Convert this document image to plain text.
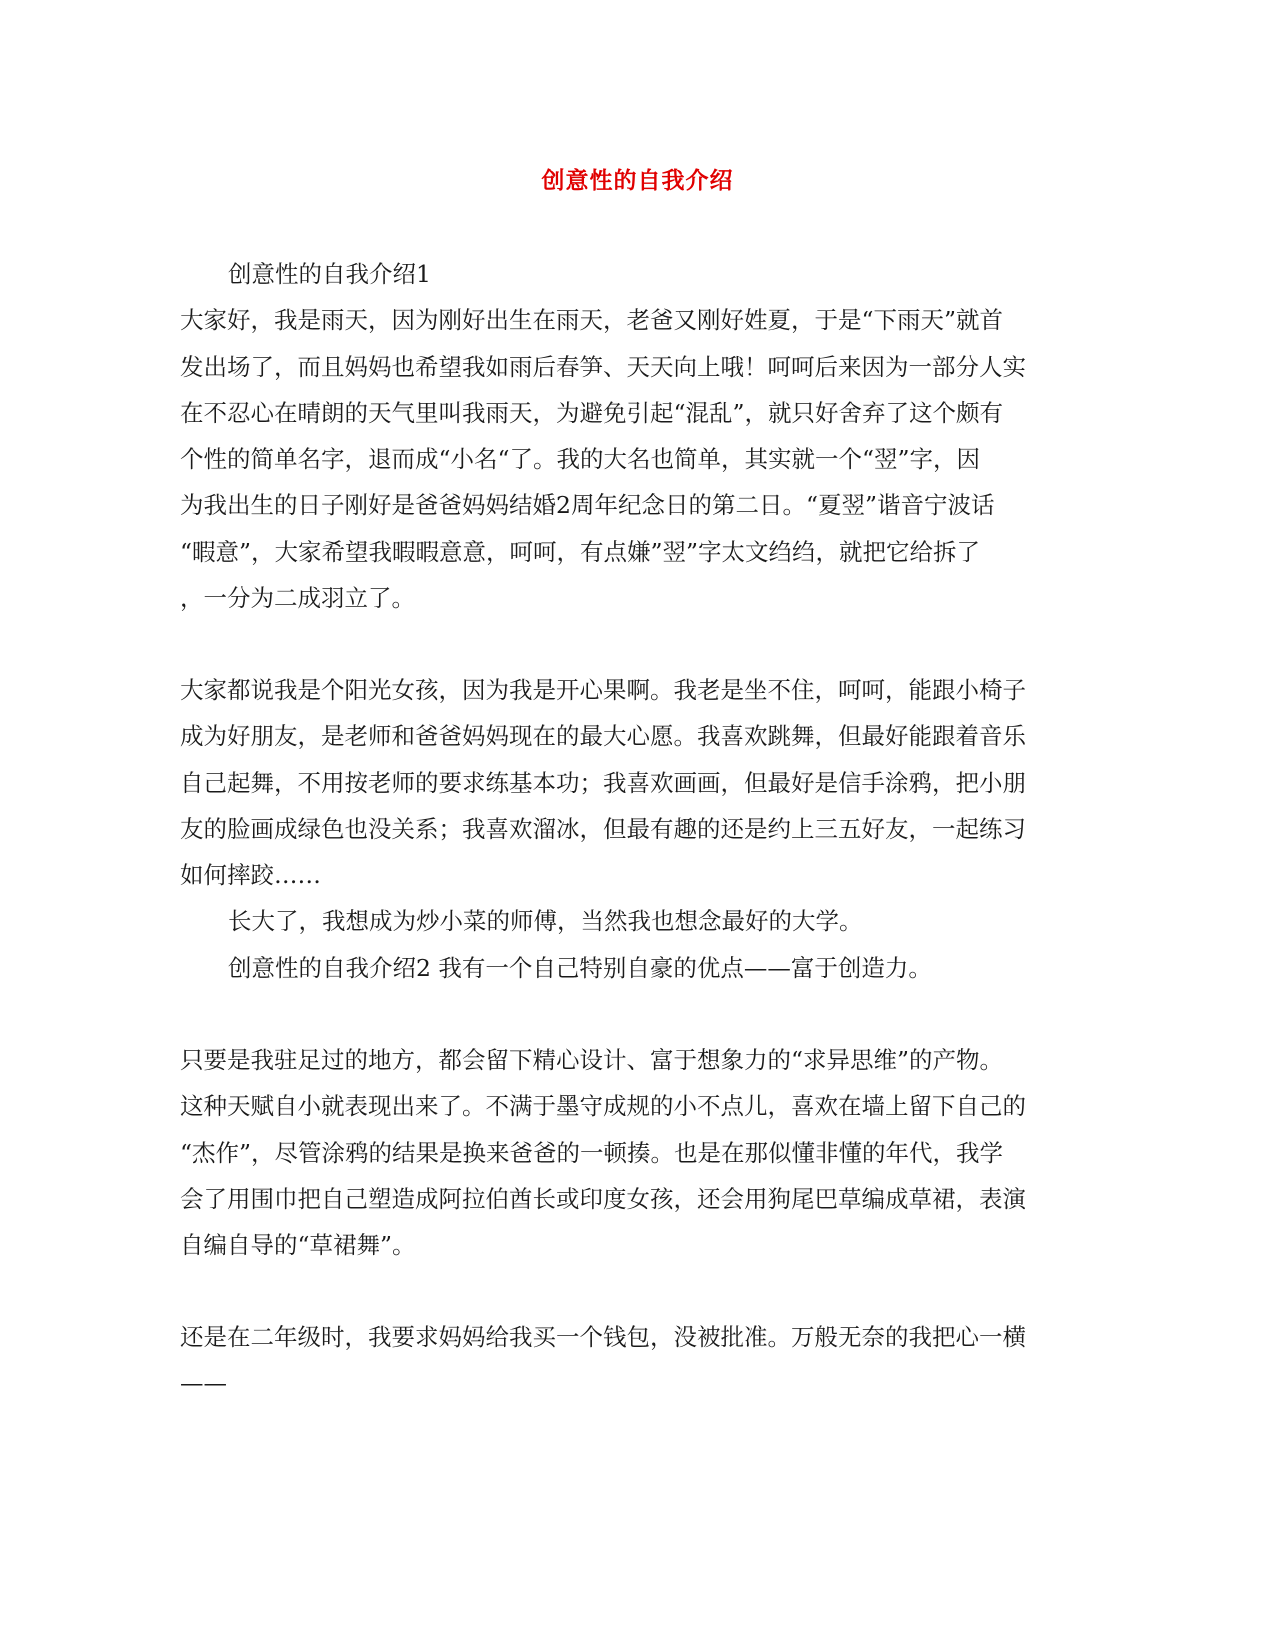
创意性的自我介绍
创意性的自我介绍1
大家好，我是雨天，因为刚好出生在雨天，老爸又刚好姓夏，于是“下雨天”就首
发出场了，而且妈妈也希望我如雨后春笋、天天向上哦！呵呵后来因为一部分人实
在不忍心在晴朗的天气里叫我雨天，为避免引起“混乱”，就只好舍弃了这个颇有
个性的简单名字，退而成“小名“了。我的大名也简单，其实就一个“翌”字，因
为我出生的日子刚好是爸爸妈妈结婚2周年纪念日的第二日。“夏翌”谐音宁波话
“暇意”，大家希望我暇暇意意，呵呵，有点嫌”翌”字太文绉绉，就把它给拆了
，一分为二成羽立了。
大家都说我是个阳光女孩，因为我是开心果啊。我老是坐不住，呵呵，能跟小椅子
成为好朋友，是老师和爸爸妈妈现在的最大心愿。我喜欢跳舞，但最好能跟着音乐
自己起舞，不用按老师的要求练基本功；我喜欢画画，但最好是信手涂鸦，把小朋
友的脸画成绿色也没关系；我喜欢溜冰，但最有趣的还是约上三五好友，一起练习
如何摔跤……
长大了，我想成为炒小菜的师傅，当然我也想念最好的大学。
创意性的自我介绍2 我有一个自己特别自豪的优点——富于创造力。
只要是我驻足过的地方，都会留下精心设计、富于想象力的“求异思维”的产物。
这种天赋自小就表现出来了。不满于墨守成规的小不点儿，喜欢在墙上留下自己的
“杰作”，尽管涂鸦的结果是换来爸爸的一顿揍。也是在那似懂非懂的年代，我学
会了用围巾把自己塑造成阿拉伯酋长或印度女孩，还会用狗尾巴草编成草裙，表演
自编自导的“草裙舞”。
还是在二年级时，我要求妈妈给我买一个钱包，没被批准。万般无奈的我把心一横
——
